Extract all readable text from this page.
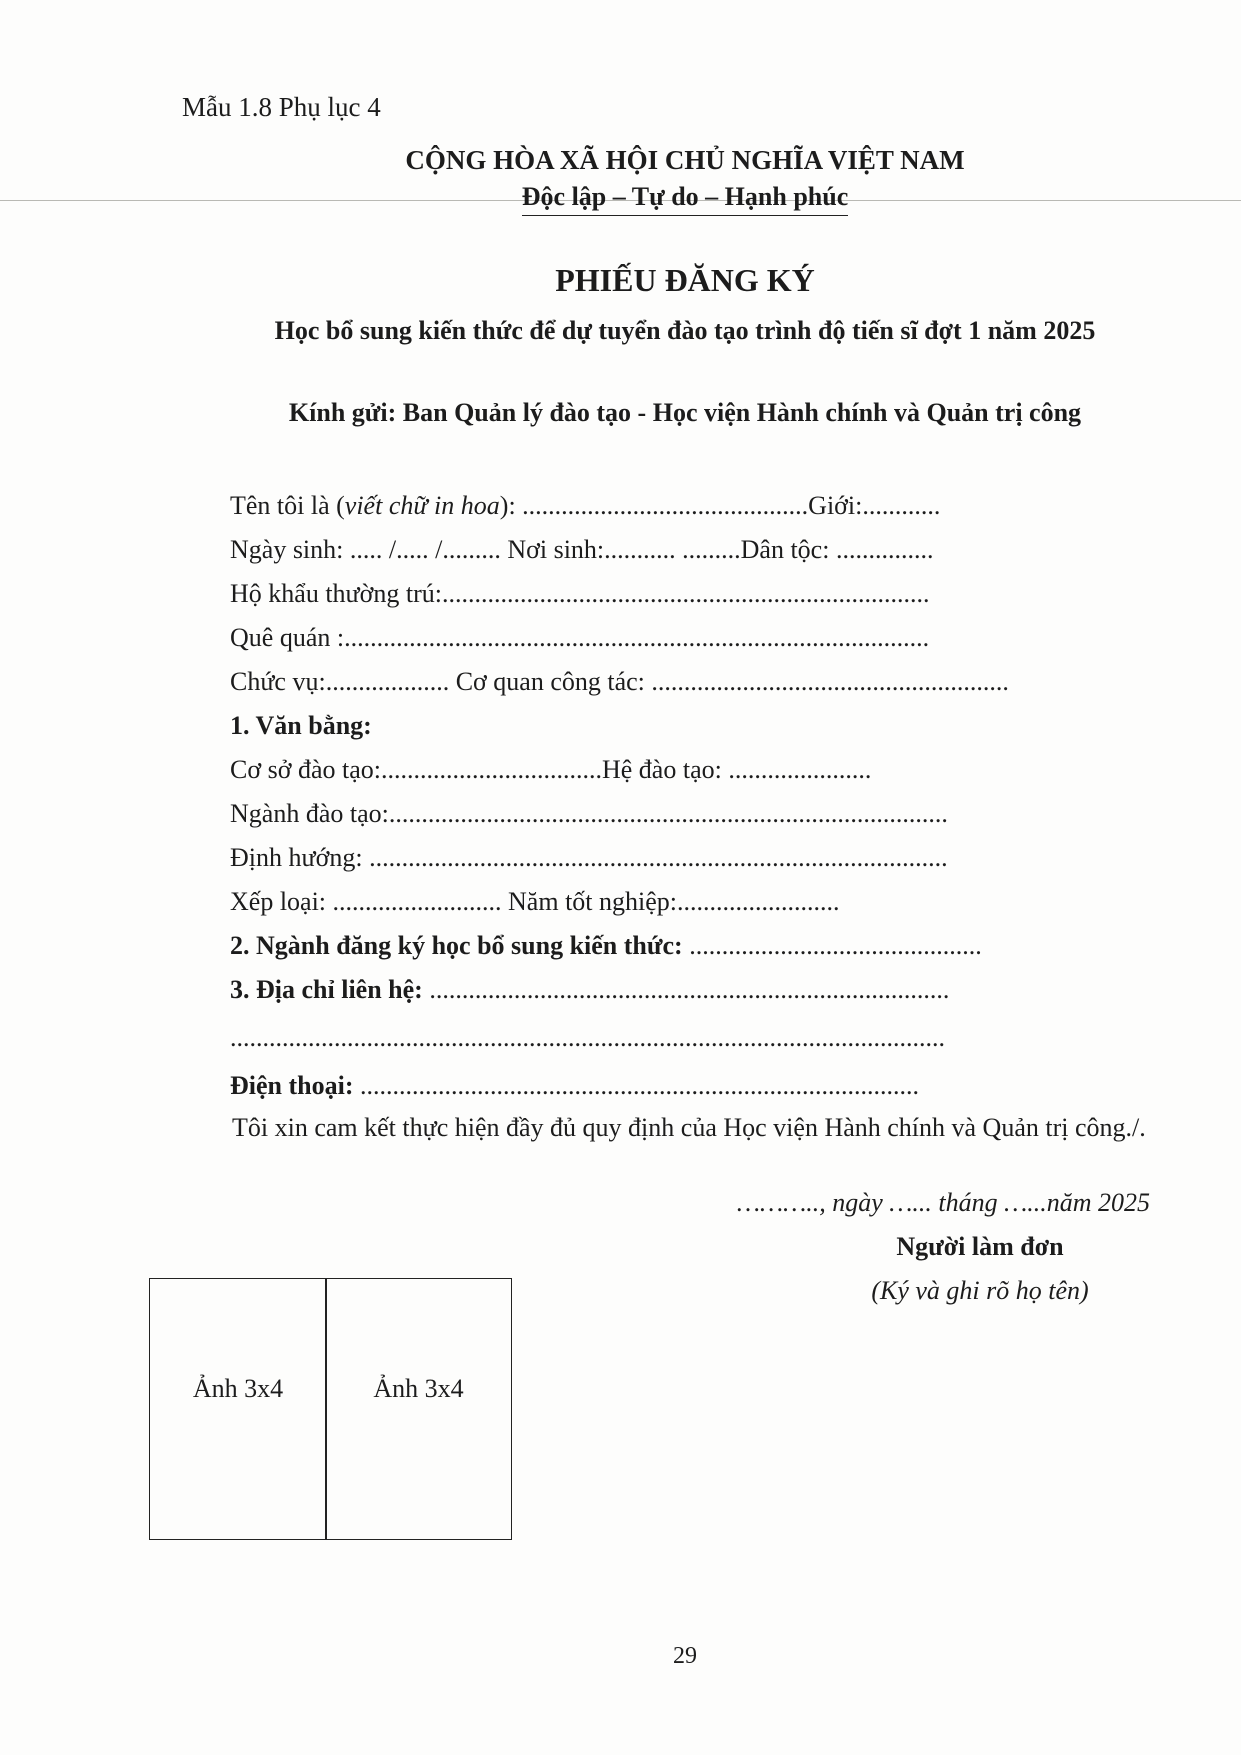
Mẫu 1.8 Phụ lục 4
CỘNG HÒA XÃ HỘI CHỦ NGHĨA VIỆT NAM
Độc lập – Tự do – Hạnh phúc
PHIẾU ĐĂNG KÝ
Học bổ sung kiến thức để dự tuyển đào tạo trình độ tiến sĩ đợt 1 năm 2025
Kính gửi: Ban Quản lý đào tạo - Học viện Hành chính và Quản trị công
Tên tôi là (viết chữ in hoa): ............................................Giới:............
Ngày sinh: ..... /..... /......... Nơi sinh:........... .........Dân tộc: ...............
Hộ khẩu thường trú:...........................................................................
Quê quán :..........................................................................................
Chức vụ:................... Cơ quan công tác: .......................................................
1. Văn bằng:
Cơ sở đào tạo:..................................Hệ đào tạo: ......................
Ngành đào tạo:......................................................................................
Định hướng: .........................................................................................
Xếp loại: .......................... Năm tốt nghiệp:.........................
2. Ngành đăng ký học bổ sung kiến thức: .............................................
3. Địa chỉ liên hệ: ................................................................................
..............................................................................................................
Điện thoại: ......................................................................................
Tôi xin cam kết thực hiện đầy đủ quy định của Học viện Hành chính và Quản trị công./.
……….., ngày …... tháng …...năm 2025
Người làm đơn
(Ký và ghi rõ họ tên)
Ảnh 3x4	Ảnh 3x4
29
